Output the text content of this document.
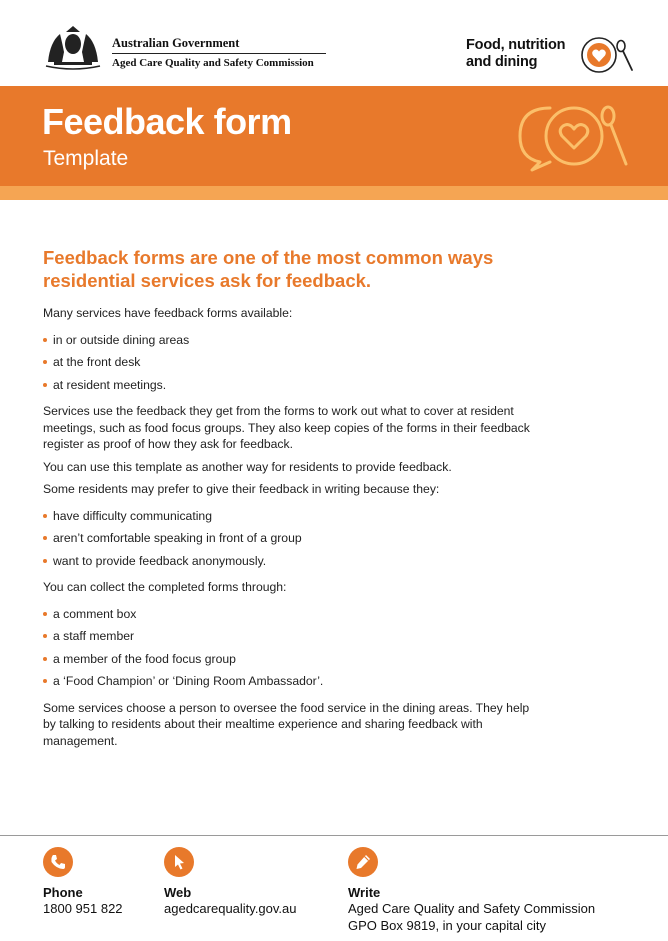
Australian Government
Aged Care Quality and Safety Commission
Food, nutrition
and dining
Feedback form
Template

Feedback forms are one of the most common ways residential services ask for feedback.

Many services have feedback forms available:

in or outside dining areas
at the front desk
at resident meetings.

Services use the feedback they get from the forms to work out what to cover at resident meetings, such as food focus groups. They also keep copies of the forms in their feedback register as proof of how they ask for feedback.

You can use this template as another way for residents to provide feedback.

Some residents may prefer to give their feedback in writing because they:

have difficulty communicating
aren’t comfortable speaking in front of a group
want to provide feedback anonymously.

You can collect the completed forms through:

a comment box
a staff member
a member of the food focus group
a ‘Food Champion’ or ‘Dining Room Ambassador’.

Some services choose a person to oversee the food service in the dining areas. They help by talking to residents about their mealtime experience and sharing feedback with management.

Phone
1800 951 822
Web
agedcarequality.gov.au
Write
Aged Care Quality and Safety Commission
GPO Box 9819, in your capital city
